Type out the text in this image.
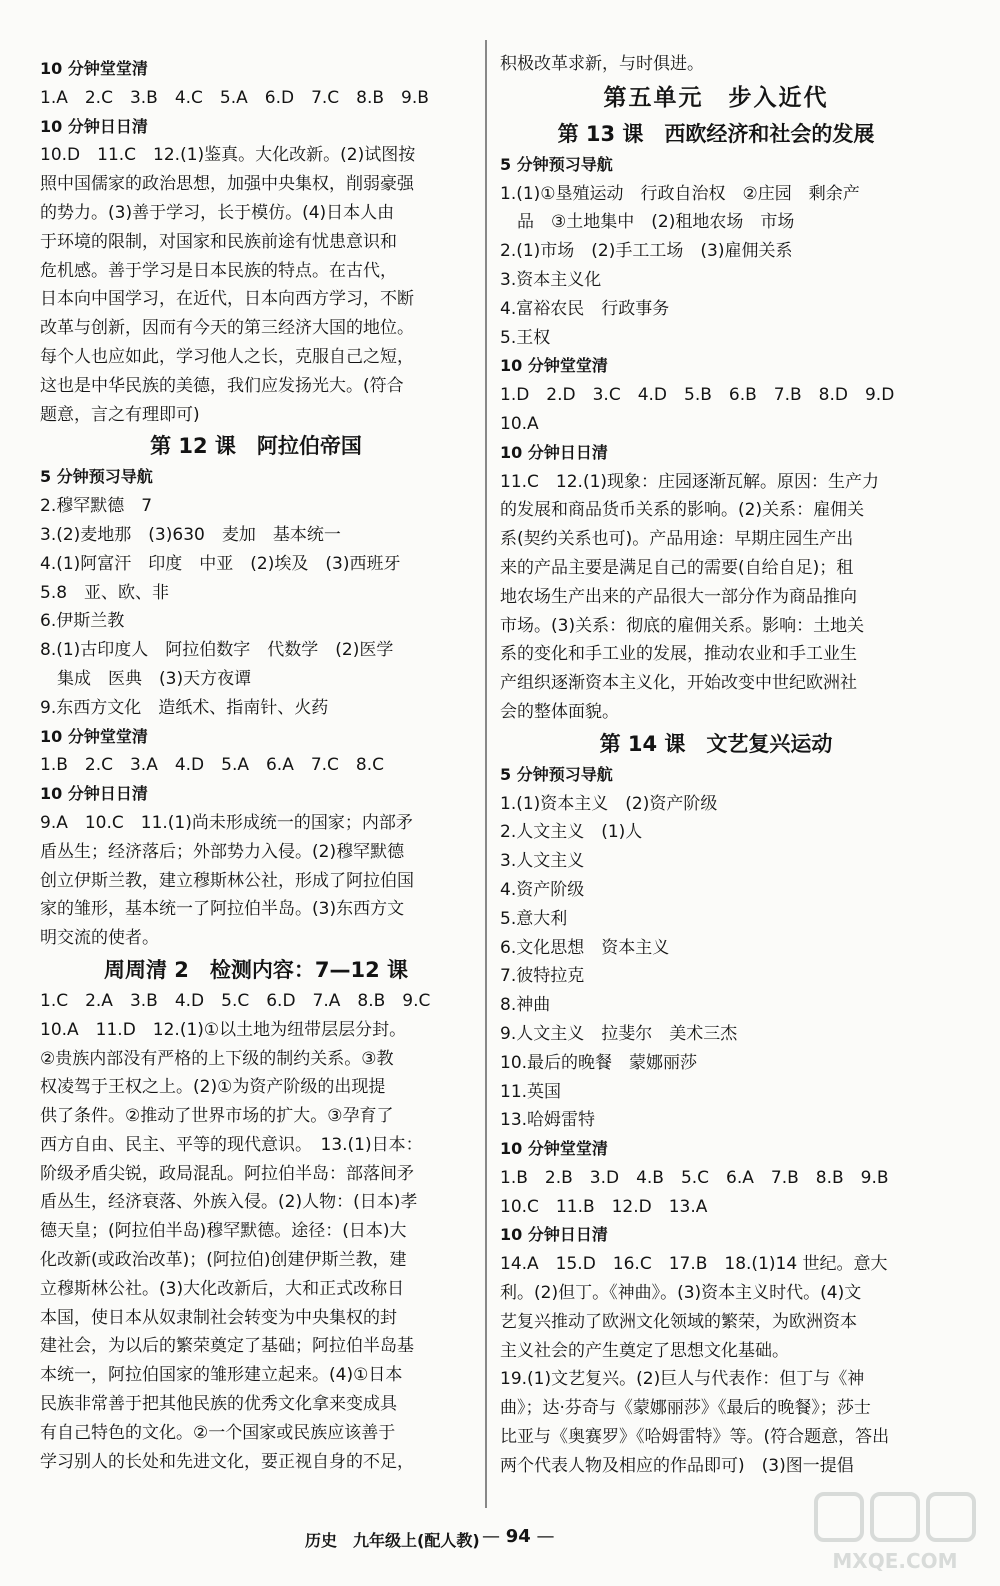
10 分钟堂堂清
1.A　2.C　3.B　4.C　5.A　6.D　7.C　8.B　9.B
10 分钟日日清
10.D　11.C　12.(1)鉴真。大化改新。(2)试图按
照中国儒家的政治思想，加强中央集权，削弱豪强
的势力。(3)善于学习，长于模仿。(4)日本人由
于环境的限制，对国家和民族前途有忧患意识和
危机感。善于学习是日本民族的特点。在古代，
日本向中国学习，在近代，日本向西方学习，不断
改革与创新，因而有今天的第三经济大国的地位。
每个人也应如此，学习他人之长，克服自己之短，
这也是中华民族的美德，我们应发扬光大。(符合
题意，言之有理即可)
第 12 课　阿拉伯帝国
5 分钟预习导航
2.穆罕默德　7
3.(2)麦地那　(3)630　麦加　基本统一
4.(1)阿富汗　印度　中亚　(2)埃及　(3)西班牙
5.8　亚、欧、非
6.伊斯兰教
8.(1)古印度人　阿拉伯数字　代数学　(2)医学
　集成　医典　(3)天方夜谭
9.东西方文化　造纸术、指南针、火药
10 分钟堂堂清
1.B　2.C　3.A　4.D　5.A　6.A　7.C　8.C
10 分钟日日清
9.A　10.C　11.(1)尚未形成统一的国家；内部矛
盾丛生；经济落后；外部势力入侵。(2)穆罕默德
创立伊斯兰教，建立穆斯林公社，形成了阿拉伯国
家的雏形，基本统一了阿拉伯半岛。(3)东西方文
明交流的使者。
周周清 2　检测内容：7—12 课
1.C　2.A　3.B　4.D　5.C　6.D　7.A　8.B　9.C
10.A　11.D　12.(1)①以土地为纽带层层分封。
②贵族内部没有严格的上下级的制约关系。③教
权凌驾于王权之上。(2)①为资产阶级的出现提
供了条件。②推动了世界市场的扩大。③孕育了
西方自由、民主、平等的现代意识。　13.(1)日本：
阶级矛盾尖锐，政局混乱。阿拉伯半岛：部落间矛
盾丛生，经济衰落、外族入侵。(2)人物：(日本)孝
德天皇；(阿拉伯半岛)穆罕默德。途径：(日本)大
化改新(或政治改革)；(阿拉伯)创建伊斯兰教，建
立穆斯林公社。(3)大化改新后，大和正式改称日
本国，使日本从奴隶制社会转变为中央集权的封
建社会，为以后的繁荣奠定了基础；阿拉伯半岛基
本统一，阿拉伯国家的雏形建立起来。(4)①日本
民族非常善于把其他民族的优秀文化拿来变成具
有自己特色的文化。②一个国家或民族应该善于
学习别人的长处和先进文化，要正视自身的不足，
积极改革求新，与时俱进。
第五单元　步入近代
第 13 课　西欧经济和社会的发展
5 分钟预习导航
1.(1)①垦殖运动　行政自治权　②庄园　剩余产
　品　③土地集中　(2)租地农场　市场
2.(1)市场　(2)手工工场　(3)雇佣关系
3.资本主义化
4.富裕农民　行政事务
5.王权
10 分钟堂堂清
1.D　2.D　3.C　4.D　5.B　6.B　7.B　8.D　9.D
10.A
10 分钟日日清
11.C　12.(1)现象：庄园逐渐瓦解。原因：生产力
的发展和商品货币关系的影响。(2)关系：雇佣关
系(契约关系也可)。产品用途：早期庄园生产出
来的产品主要是满足自己的需要(自给自足)；租
地农场生产出来的产品很大一部分作为商品推向
市场。(3)关系：彻底的雇佣关系。影响：土地关
系的变化和手工业的发展，推动农业和手工业生
产组织逐渐资本主义化，开始改变中世纪欧洲社
会的整体面貌。
第 14 课　文艺复兴运动
5 分钟预习导航
1.(1)资本主义　(2)资产阶级
2.人文主义　(1)人
3.人文主义
4.资产阶级
5.意大利
6.文化思想　资本主义
7.彼特拉克
8.神曲
9.人文主义　拉斐尔　美术三杰
10.最后的晚餐　蒙娜丽莎
11.英国
13.哈姆雷特
10 分钟堂堂清
1.B　2.B　3.D　4.B　5.C　6.A　7.B　8.B　9.B
10.C　11.B　12.D　13.A
10 分钟日日清
14.A　15.D　16.C　17.B　18.(1)14 世纪。意大
利。(2)但丁。《神曲》。(3)资本主义时代。(4)文
艺复兴推动了欧洲文化领域的繁荣，为欧洲资本
主义社会的产生奠定了思想文化基础。
19.(1)文艺复兴。(2)巨人与代表作：但丁与《神
曲》；达·芬奇与《蒙娜丽莎》《最后的晚餐》；莎士
比亚与《奥赛罗》《哈姆雷特》等。(符合题意，答出
两个代表人物及相应的作品即可)　(3)图一提倡
历史　九年级上(配人教)
—	94 —
MXQE.COM
